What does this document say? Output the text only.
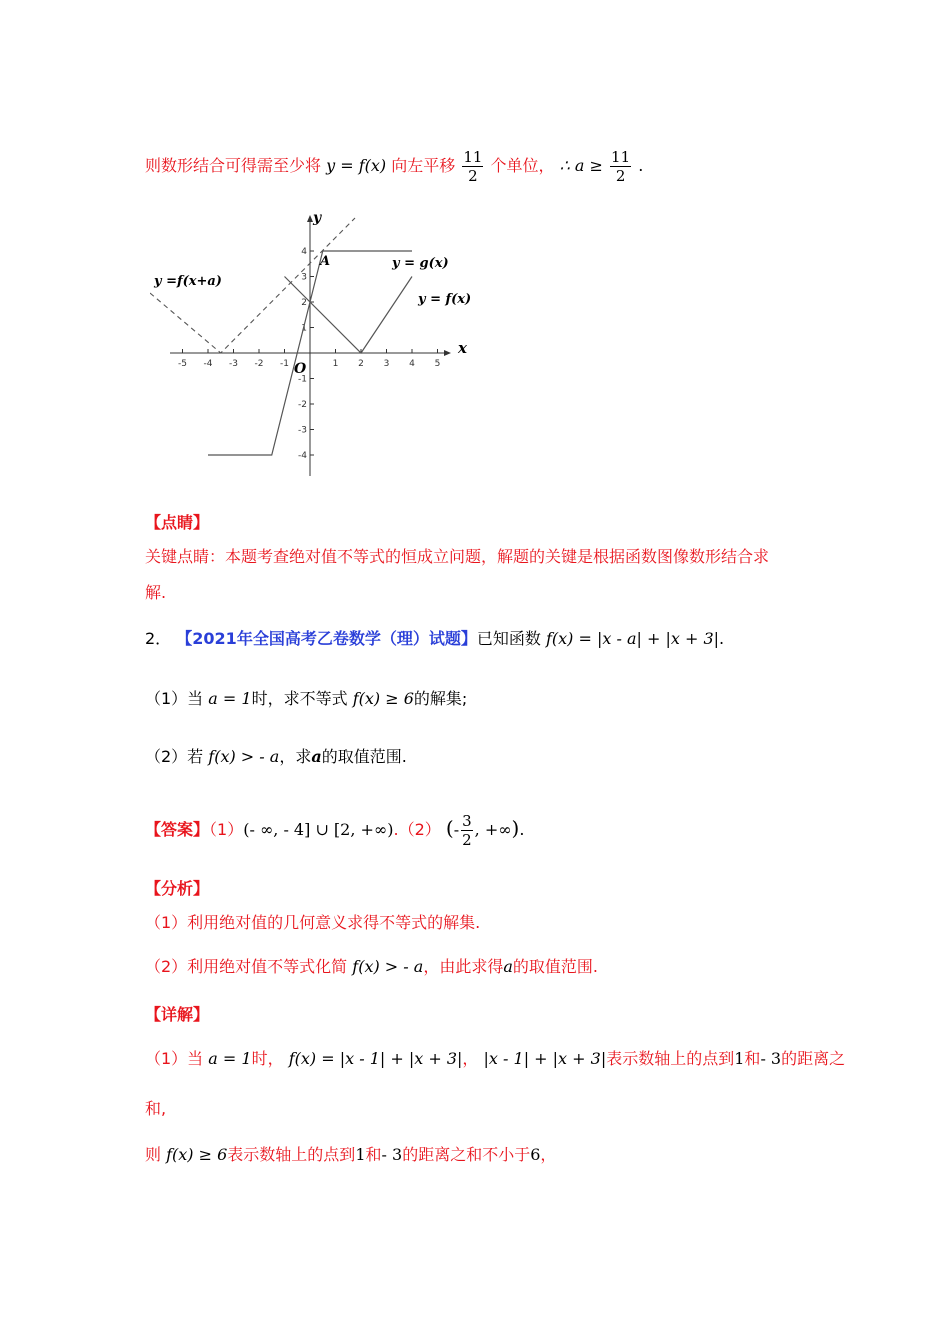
则数形结合可得需至少将 y = f(x) 向左平移 $\frac{11}{2}$ 个单位， ∴ $a \ge \frac{11}{2}$ .
x
y
O
-5 -4 -3 -2 -1	1 2 3 4 5
4
3
2
1
-1
-2
-3
-4
A	y = g(x)
y = f(x)
y =f(x+a)
【点睛】
关键点睛：本题考查绝对值不等式的恒成立问题，解题的关键是根据函数图像数形结合求
解.
2． 【2021年全国高考乙卷数学（理）试题】已知函数 f(x) = |x - a| + |x + 3|.
（1）当 a = 1时，求不等式 f(x) ≥ 6的解集;
（2）若 f(x) > - a，求a的取值范围.
【答案】（1）(- ∞, - 4] ∪ [2, +∞).（2） (- $\frac{3}{2}$ , +∞).
【分析】
（1）利用绝对值的几何意义求得不等式的解集.
（2）利用绝对值不等式化简 f(x) > - a，由此求得a的取值范围.
【详解】
（1）当 a = 1时， f(x) = |x - 1| + |x + 3|， |x - 1| + |x + 3|表示数轴上的点到1和- 3的距离之
和,
则 f(x) ≥ 6表示数轴上的点到1和- 3的距离之和不小于6，
